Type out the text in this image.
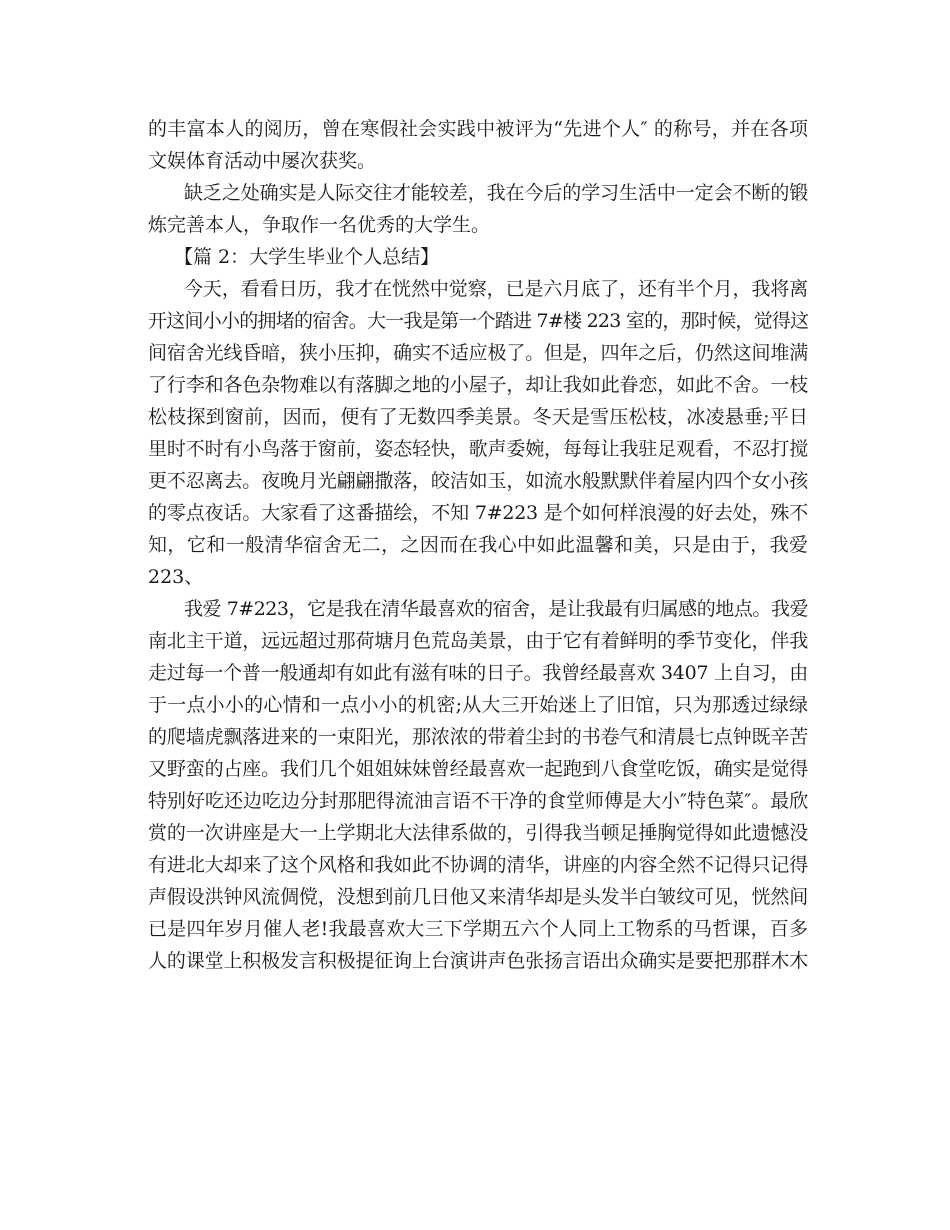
的丰富本人的阅历，曾在寒假社会实践中被评为“先进个人″ 的称号，并在各项
文娱体育活动中屡次获奖。
缺乏之处确实是人际交往才能较差，我在今后的学习生活中一定会不断的锻
炼完善本人，争取作一名优秀的大学生。
【篇 2：大学生毕业个人总结】
今天，看看日历，我才在恍然中觉察，已是六月底了，还有半个月，我将离
开这间小小的拥堵的宿舍。大一我是第一个踏进 7#楼 223 室的，那时候，觉得这
间宿舍光线昏暗，狭小压抑，确实不适应极了。但是，四年之后，仍然这间堆满
了行李和各色杂物难以有落脚之地的小屋子，却让我如此眷恋，如此不舍。一枝
松枝探到窗前，因而，便有了无数四季美景。冬天是雪压松枝，冰凌悬垂;平日
里时不时有小鸟落于窗前，姿态轻快，歌声委婉，每每让我驻足观看，不忍打搅
更不忍离去。夜晚月光翩翩撒落，皎洁如玉，如流水般默默伴着屋内四个女小孩
的零点夜话。大家看了这番描绘，不知 7#223 是个如何样浪漫的好去处，殊不
知，它和一般清华宿舍无二，之因而在我心中如此温馨和美，只是由于，我爱
223、
我爱 7#223，它是我在清华最喜欢的宿舍，是让我最有归属感的地点。我爱
南北主干道，远远超过那荷塘月色荒岛美景，由于它有着鲜明的季节变化，伴我
走过每一个普一般通却有如此有滋有味的日子。我曾经最喜欢 3407 上自习，由
于一点小小的心情和一点小小的机密;从大三开始迷上了旧馆，只为那透过绿绿
的爬墙虎飘落进来的一束阳光，那浓浓的带着尘封的书卷气和清晨七点钟既辛苦
又野蛮的占座。我们几个姐姐妹妹曾经最喜欢一起跑到八食堂吃饭，确实是觉得
特别好吃还边吃边分封那肥得流油言语不干净的食堂师傅是大小″特色菜″。最欣
赏的一次讲座是大一上学期北大法律系做的，引得我当顿足捶胸觉得如此遗憾没
有进北大却来了这个风格和我如此不协调的清华，讲座的内容全然不记得只记得
声假设洪钟风流倜傥，没想到前几日他又来清华却是头发半白皱纹可见，恍然间
已是四年岁月催人老!我最喜欢大三下学期五六个人同上工物系的马哲课，百多
人的课堂上积极发言积极提征询上台演讲声色张扬言语出众确实是要把那群木木
